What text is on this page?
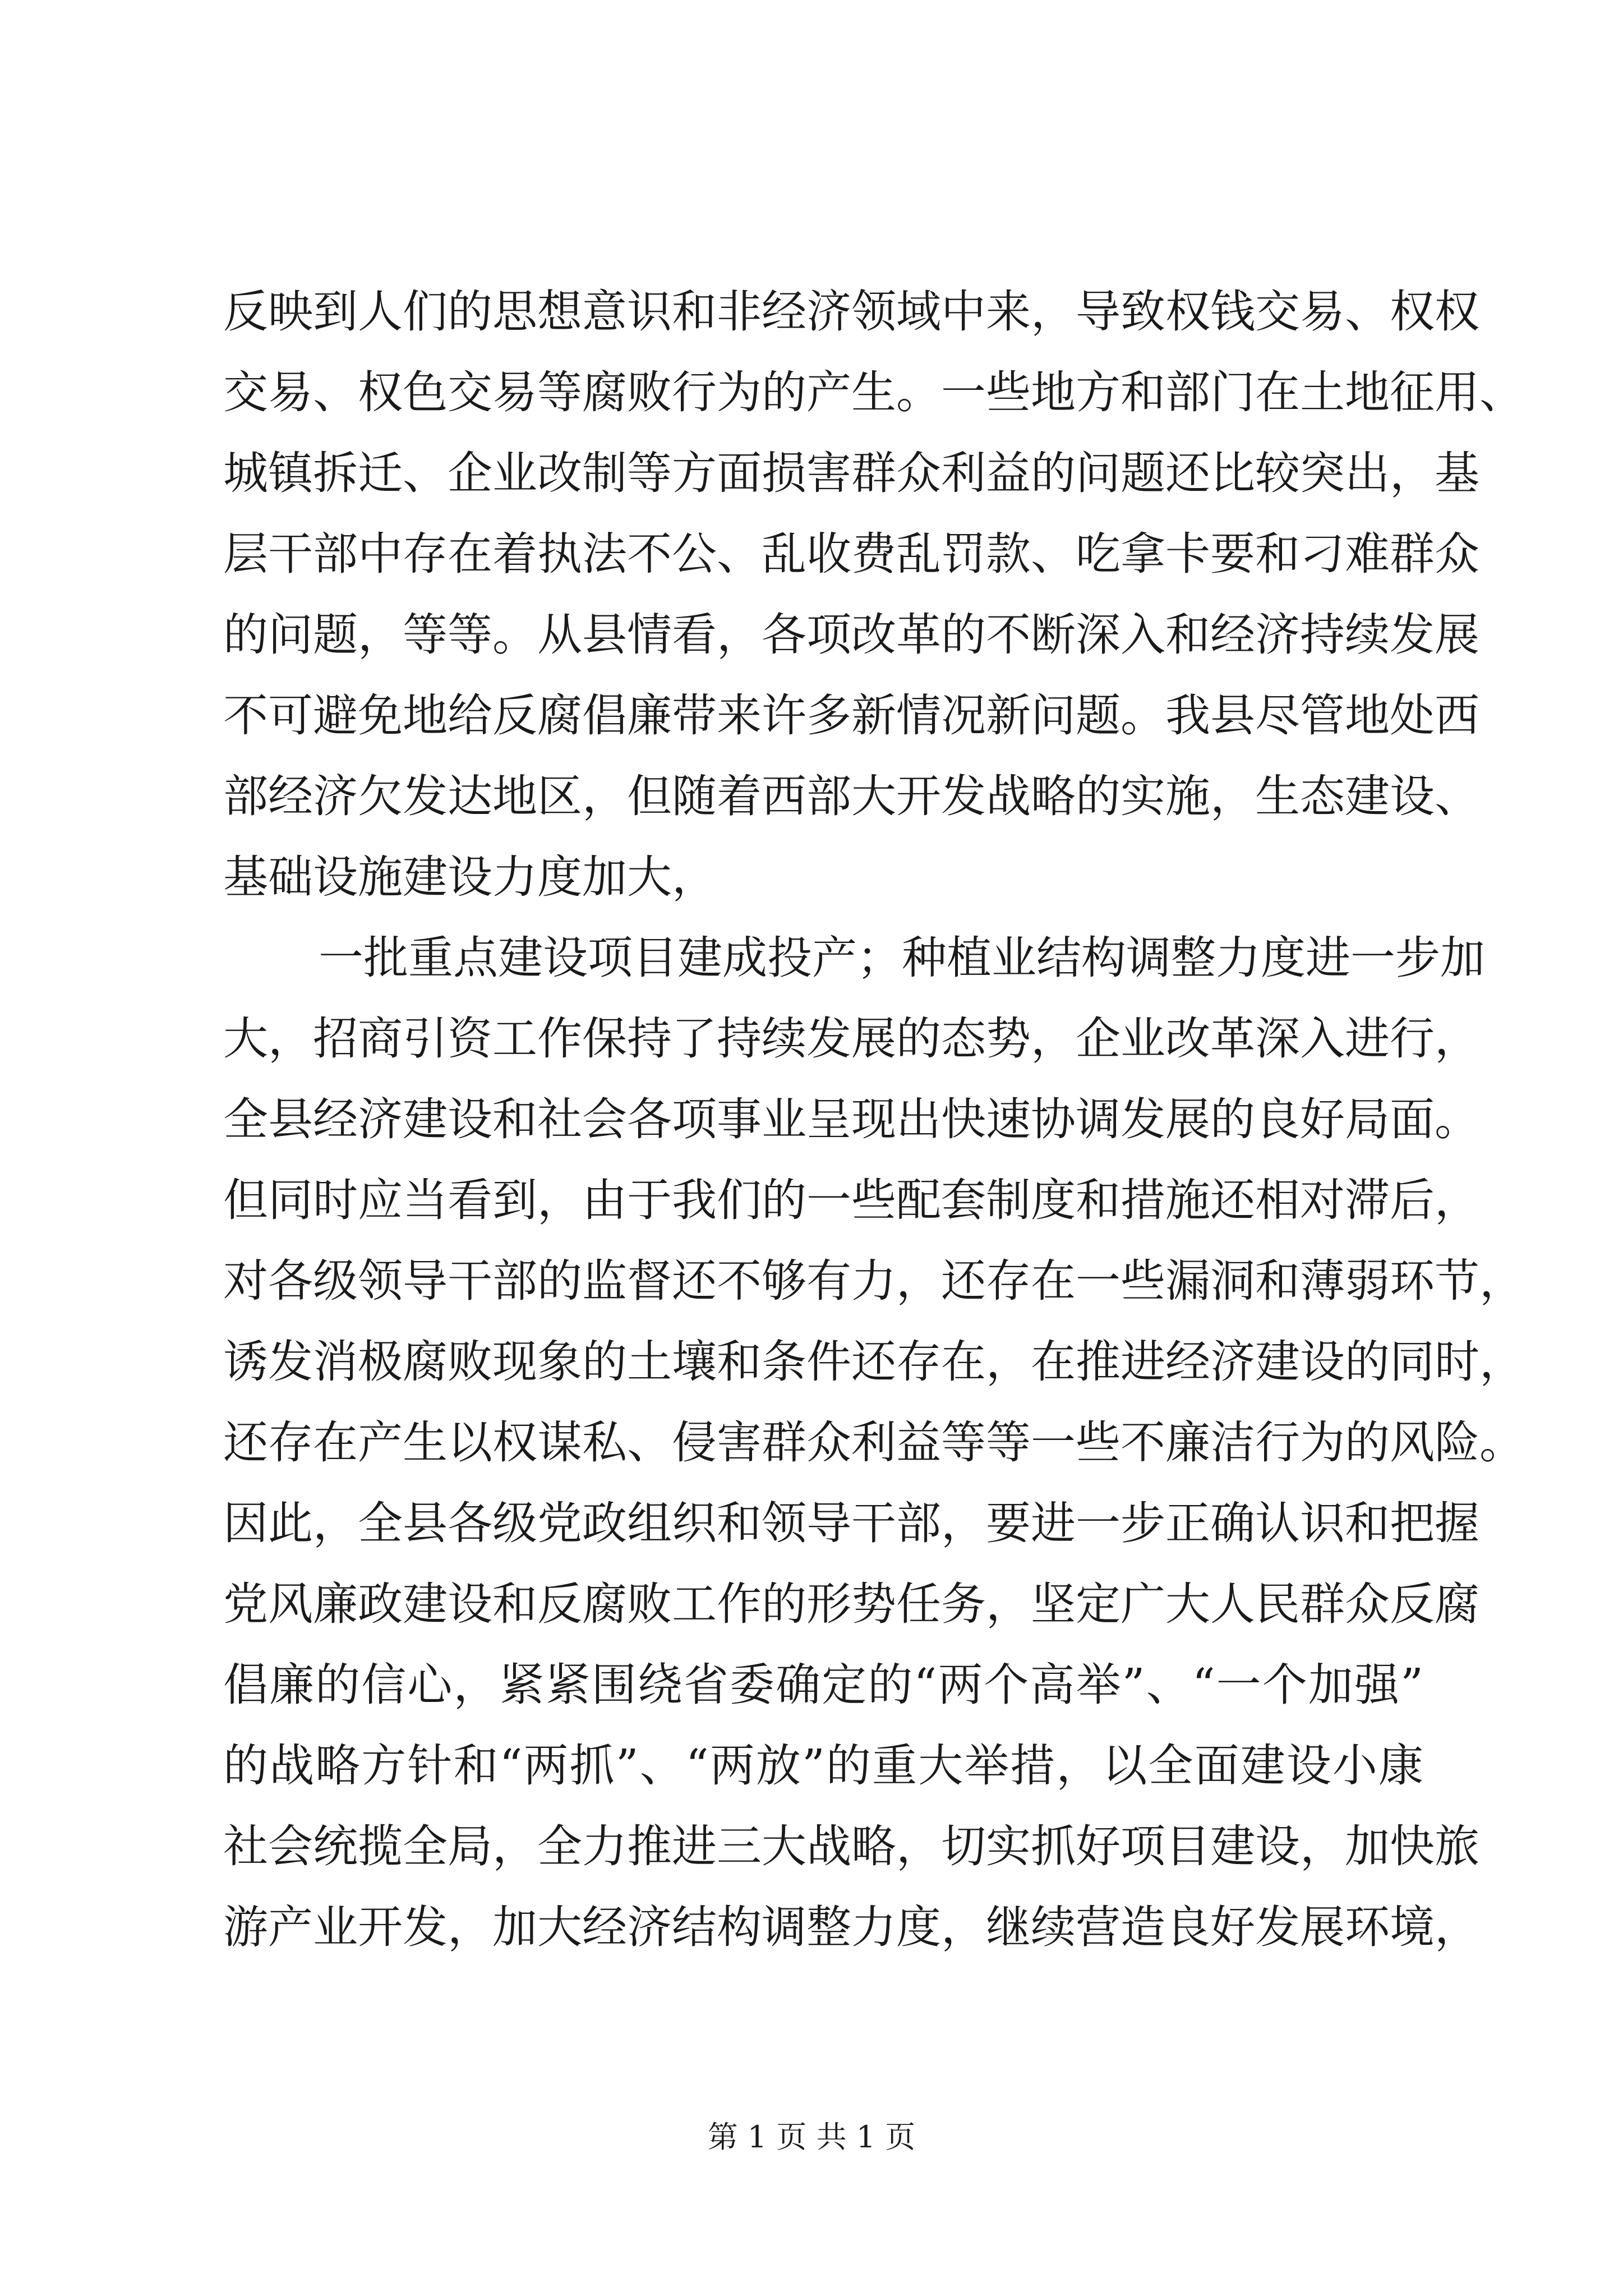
反映到人们的思想意识和非经济领域中来，导致权钱交易、权权
交易、权色交易等腐败行为的产生。一些地方和部门在土地征用、
城镇拆迁、企业改制等方面损害群众利益的问题还比较突出，基
层干部中存在着执法不公、乱收费乱罚款、吃拿卡要和刁难群众
的问题，等等。从县情看，各项改革的不断深入和经济持续发展
不可避免地给反腐倡廉带来许多新情况新问题。我县尽管地处西
部经济欠发达地区，但随着西部大开发战略的实施，生态建设、
基础设施建设力度加大，
一批重点建设项目建成投产；种植业结构调整力度进一步加
大，招商引资工作保持了持续发展的态势，企业改革深入进行，
全县经济建设和社会各项事业呈现出快速协调发展的良好局面。
但同时应当看到，由于我们的一些配套制度和措施还相对滞后，
对各级领导干部的监督还不够有力，还存在一些漏洞和薄弱环节，
诱发消极腐败现象的土壤和条件还存在，在推进经济建设的同时，
还存在产生以权谋私、侵害群众利益等等一些不廉洁行为的风险。
因此，全县各级党政组织和领导干部，要进一步正确认识和把握
党风廉政建设和反腐败工作的形势任务，坚定广大人民群众反腐
倡廉的信心，紧紧围绕省委确定的“两个高举”、“一个加强”
的战略方针和“两抓”、“两放”的重大举措，以全面建设小康
社会统揽全局，全力推进三大战略，切实抓好项目建设，加快旅
游产业开发，加大经济结构调整力度，继续营造良好发展环境，
第 1 页 共 1 页
